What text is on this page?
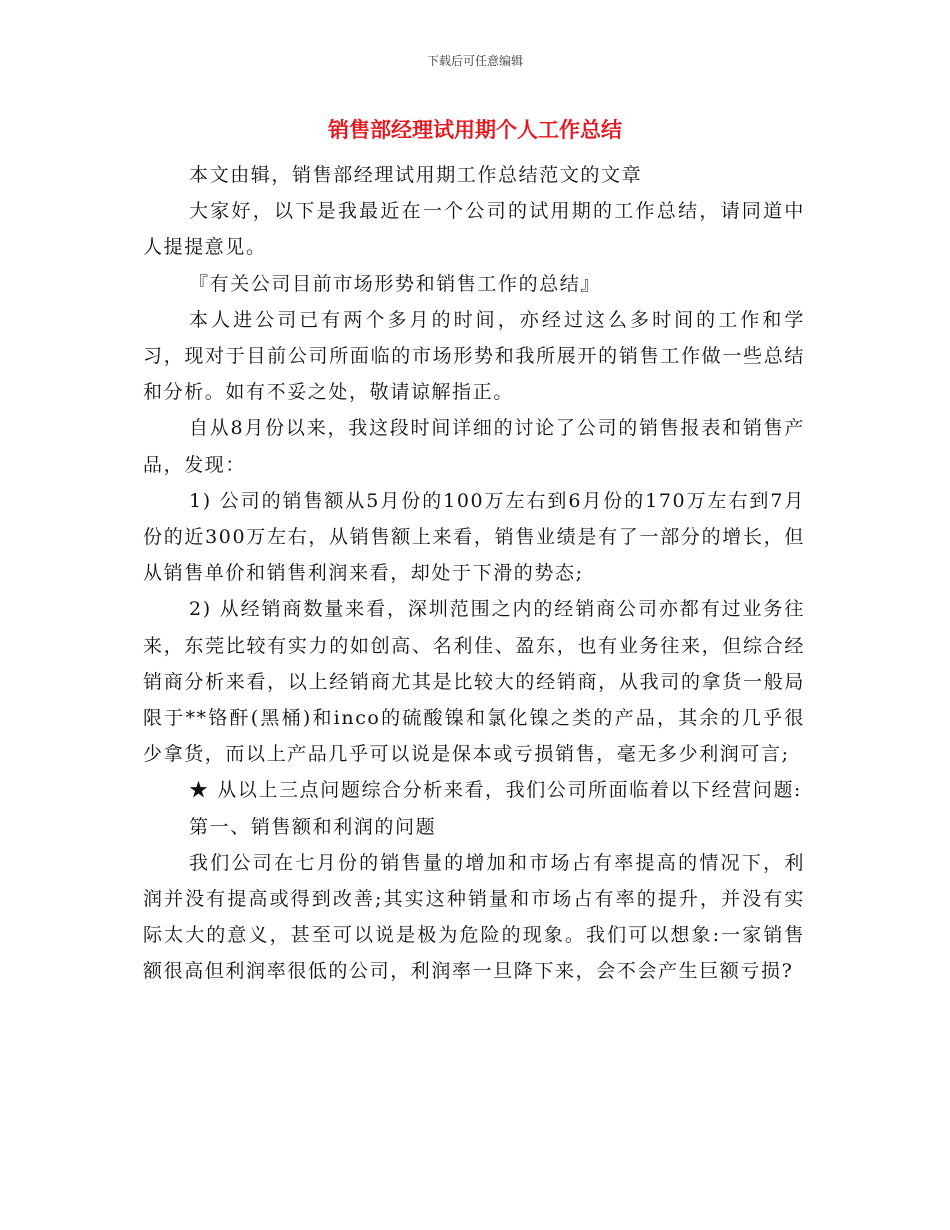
下载后可任意编辑
销售部经理试用期个人工作总结

本文由辑，销售部经理试用期工作总结范文的文章

大家好，以下是我最近在一个公司的试用期的工作总结，请同道中人提提意见。

『有关公司目前市场形势和销售工作的总结』

本人进公司已有两个多月的时间，亦经过这么多时间的工作和学习，现对于目前公司所面临的市场形势和我所展开的销售工作做一些总结和分析。如有不妥之处，敬请谅解指正。

自从8月份以来，我这段时间详细的讨论了公司的销售报表和销售产品，发现：

1) 公司的销售额从5月份的100万左右到6月份的170万左右到7月份的近300万左右，从销售额上来看，销售业绩是有了一部分的增长，但从销售单价和销售利润来看，却处于下滑的势态;

2) 从经销商数量来看，深圳范围之内的经销商公司亦都有过业务往来，东莞比较有实力的如创高、名利佳、盈东，也有业务往来，但综合经销商分析来看，以上经销商尤其是比较大的经销商，从我司的拿货一般局限于**铬酐(黑桶)和inco的硫酸镍和氯化镍之类的产品，其余的几乎很少拿货，而以上产品几乎可以说是保本或亏损销售，毫无多少利润可言;

★ 从以上三点问题综合分析来看，我们公司所面临着以下经营问题:

第一、销售额和利润的问题

我们公司在七月份的销售量的增加和市场占有率提高的情况下，利润并没有提高或得到改善;其实这种销量和市场占有率的提升，并没有实际太大的意义，甚至可以说是极为危险的现象。我们可以想象:一家销售额很高但利润率很低的公司，利润率一旦降下来，会不会产生巨额亏损?
